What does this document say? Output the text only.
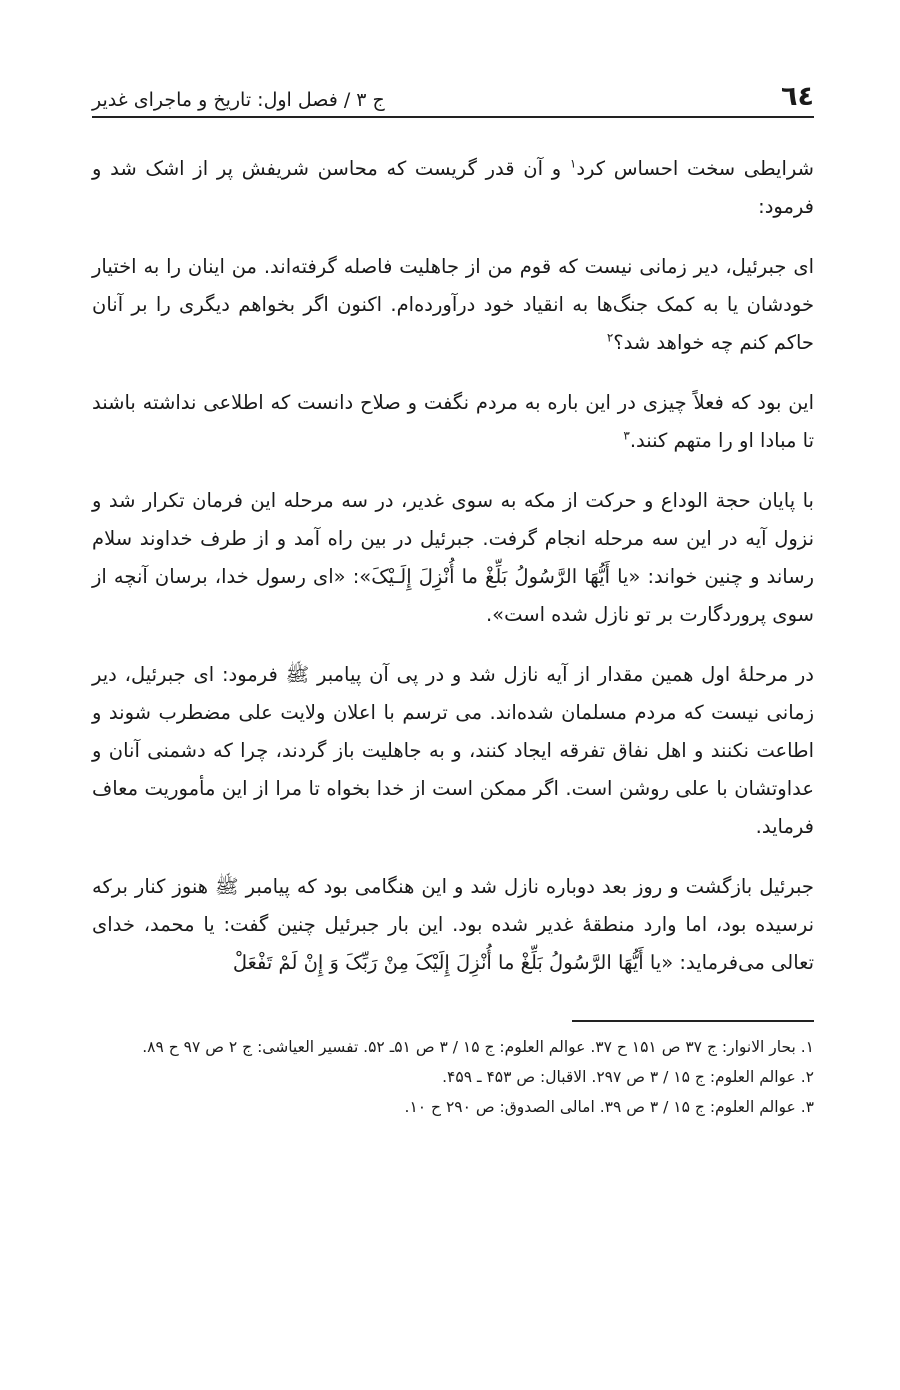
٦٤
ج ۳ / فصل اول: تاریخ و ماجرای غدیر

شرایطی سخت احساس کرد$^۱$ و آن قدر گریست که محاسن شریفش پر از اشک شد و فرمود:

ای جبرئیل، دیر زمانی نیست که قوم من از جاهلیت فاصله گرفته‌اند. من اینان را به اختیار خودشان یا به کمک جنگ‌ها به انقیاد خود درآورده‌ام. اکنون اگر بخواهم دیگری را بر آنان حاکم کنم چه خواهد شد؟$^۲$

این بود که فعلاً چیزی در این باره به مردم نگفت و صلاح دانست که اطلاعی نداشته باشند تا مبادا او را متهم کنند.$^۳$

با پایان حجة الوداع و حرکت از مکه به سوی غدیر، در سه مرحله این فرمان تکرار شد و نزول آیه در این سه مرحله انجام گرفت. جبرئیل در بین راه آمد و از طرف خداوند سلام رساند و چنین خواند: «یا أَیُّهَا الرَّسُولُ بَلِّغْ ما أُنْزِلَ إِلَـیْکَ»: «ای رسول خدا، برسان آنچه از سوی پروردگارت بر تو نازل شده است».

در مرحلهٔ اول همین مقدار از آیه نازل شد و در پی آن پیامبر ﷺ فرمود: ای جبرئیل، دیر زمانی نیست که مردم مسلمان شده‌اند. می ترسم با اعلان ولایت علی مضطرب شوند و اطاعت نکنند و اهل نفاق تفرقه ایجاد کنند، و به جاهلیت باز گردند، چرا که دشمنی آنان و عداوتشان با علی روشن است. اگر ممکن است از خدا بخواه تا مرا از این مأموریت معاف فرماید.

جبرئیل بازگشت و روز بعد دوباره نازل شد و این هنگامی بود که پیامبر ﷺ هنوز کنار برکه نرسیده بود، اما وارد منطقهٔ غدیر شده بود. این بار جبرئیل چنین گفت: یا محمد، خدای تعالی می‌فرماید: «یا أَیُّهَا الرَّسُولُ بَلِّغْ ما أُنْزِلَ إِلَیْکَ مِنْ رَبِّکَ وَ إِنْ لَمْ تَفْعَلْ

۱. بحار الانوار: ج ۳۷ ص ۱۵۱ ح ۳۷. عوالم العلوم: ج ۱۵ / ۳ ص ۵۱ـ ۵۲. تفسیر العیاشی: ج ۲ ص ۹۷ ح ۸۹.

۲. عوالم العلوم: ج ۱۵ / ۳ ص ۲۹۷. الاقبال: ص ۴۵۳ ـ ۴۵۹.

۳. عوالم العلوم: ج ۱۵ / ۳ ص ۳۹. امالی الصدوق: ص ۲۹۰ ح ۱۰.
